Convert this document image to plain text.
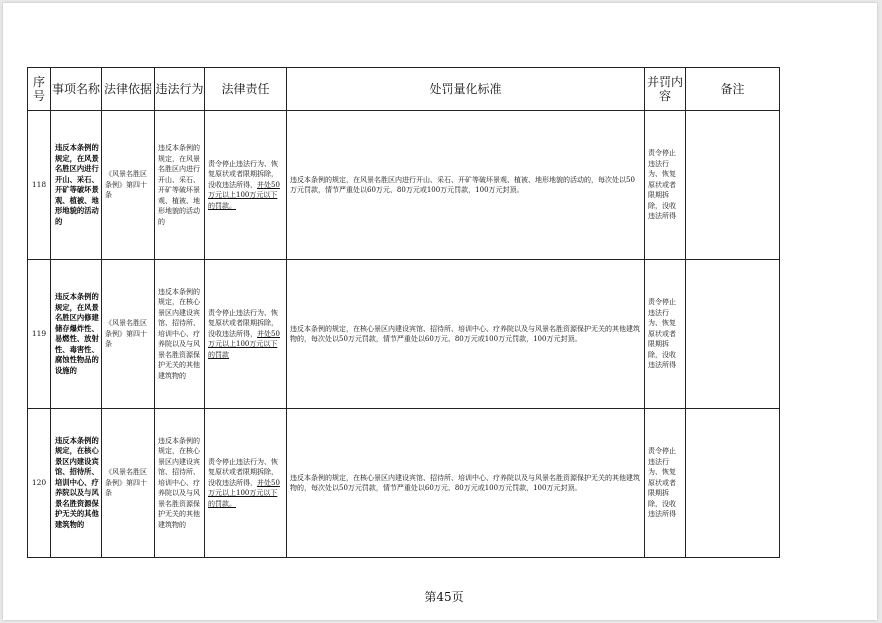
序号	事项名称	法律依据	违法行为	法律责任	处罚量化标准	并罚内容	备注
118	违反本条例的规定，在风景名胜区内进行开山、采石、开矿等破坏景观、植被、地形地貌的活动的	《风景名胜区条例》第四十条	违反本条例的规定，在风景名胜区内进行开山、采石、开矿等破坏景观、植被、地形地貌的活动的	责令停止违法行为、恢复原状或者限期拆除，没收违法所得，并处50万元以上100万元以下的罚款。	违反本条例的规定，在风景名胜区内进行开山、采石、开矿等破坏景观、植被、地形地貌的活动的，每次处以50万元罚款，情节严重处以60万元、80万元或100万元罚款，100万元封顶。	责令停止违法行为、恢复原状或者限期拆除，没收违法所得	
119	违反本条例的规定，在风景名胜区内修建储存爆炸性、易燃性、放射性、毒害性、腐蚀性物品的设施的	《风景名胜区条例》第四十条	违反本条例的规定，在核心景区内建设宾馆、招待所、培训中心、疗养院以及与风景名胜资源保护无关的其他建筑物的	责令停止违法行为、恢复原状或者限期拆除，没收违法所得，并处50万元以上100万元以下的罚款	违反本条例的规定，在核心景区内建设宾馆、招待所、培训中心、疗养院以及与风景名胜资源保护无关的其他建筑物的，每次处以50万元罚款，情节严重处以60万元、80万元或100万元罚款，100万元封顶。	责令停止违法行为、恢复原状或者限期拆除，没收违法所得	
120	违反本条例的规定，在核心景区内建设宾馆、招待所、培训中心、疗养院以及与风景名胜资源保护无关的其他建筑物的	《风景名胜区条例》第四十条	违反本条例的规定，在核心景区内建设宾馆、招待所、培训中心、疗养院以及与风景名胜资源保护无关的其他建筑物的	责令停止违法行为、恢复原状或者限期拆除，没收违法所得，并处50万元以上100万元以下的罚款。	违反本条例的规定，在核心景区内建设宾馆、招待所、培训中心、疗养院以及与风景名胜资源保护无关的其他建筑物的，每次处以50万元罚款，情节严重处以60万元、80万元或100万元罚款，100万元封顶。	责令停止违法行为、恢复原状或者限期拆除，没收违法所得	
第45页
